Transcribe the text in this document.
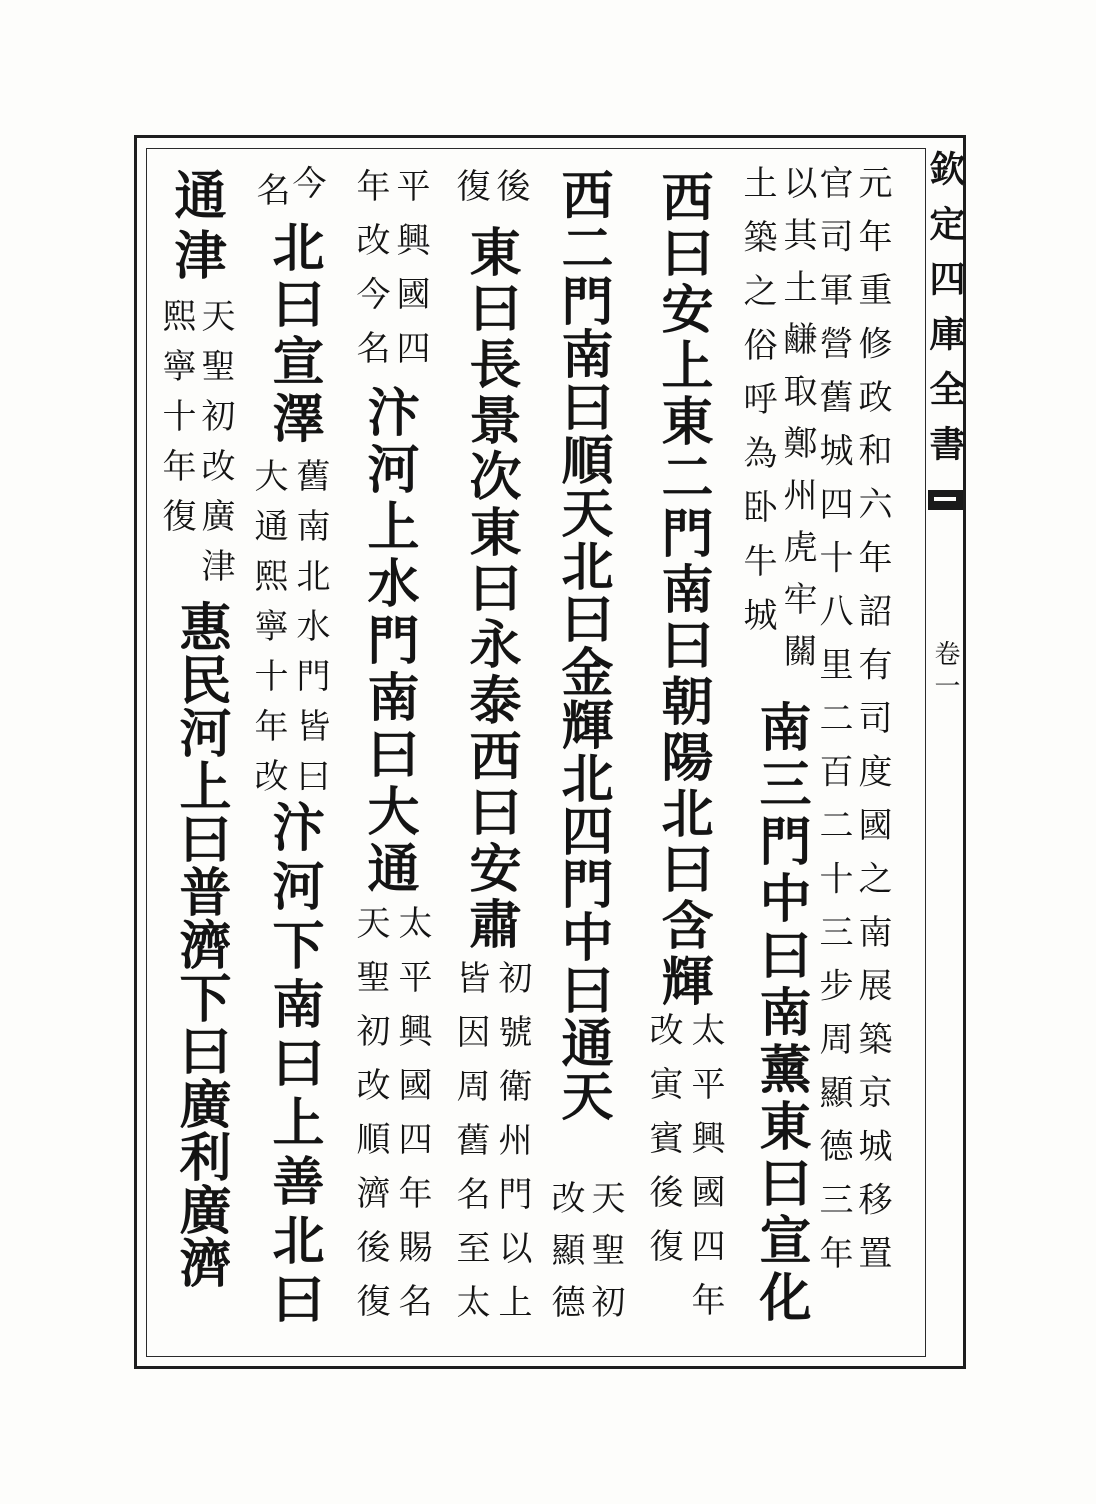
欽定四庫全書
卷一
元年重修政和六年詔有司度國之南展築京城移置
官司軍營舊城四十八里二百二十三步周顯德三年
以其土鹻取鄭州虎牢關
土築之俗呼為卧牛城
南三門中曰南薰東曰宣化
西曰安上東二門南曰朝陽北曰含輝
太平興國四年
改寅賓後復
西二門南曰順天北曰金輝北四門中曰通天
天聖初
改顯德
後
復
東曰長景次東曰永泰西曰安肅
初號衛州門以上
皆因周舊名至太
平興國四
年改今名
汴河上水門南曰大通
太平興國四年賜名
天聖初改順濟後復
今
名
北曰宣澤
舊南北水門皆曰
大通熙寧十年改
汴河下南曰上善北曰
通津
天聖初改廣津
熙寧十年復
惠民河上曰普濟下曰廣利廣濟
